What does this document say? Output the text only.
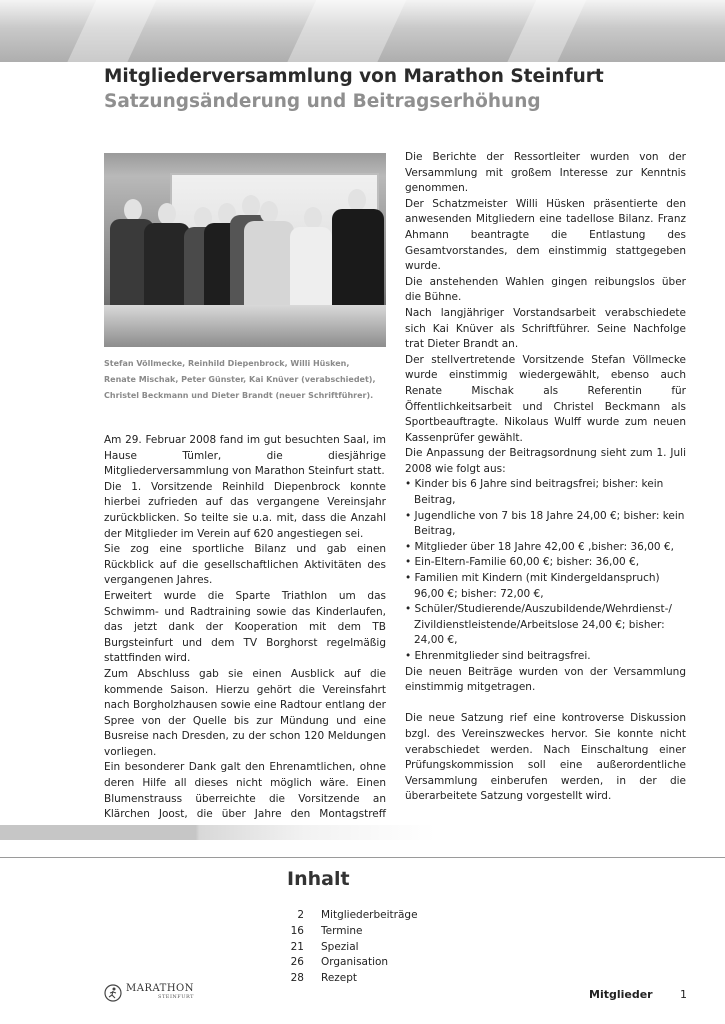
Mitgliederversammlung von Marathon Steinfurt
Satzungsänderung und Beitragserhöhung
Stefan Völlmecke, Reinhild Diepenbrock, Willi Hüsken,
Renate Mischak, Peter Günster, Kai Knüver (verabschiedet),
Christel Beckmann und Dieter Brandt (neuer Schriftführer).

Am 29. Februar 2008 fand im gut besuchten Saal, im Hause Tümler, die diesjährige Mitgliederversammlung von Marathon Steinfurt statt.

Die 1. Vorsitzende Reinhild Diepenbrock konnte hierbei zufrieden auf das vergangene Vereinsjahr zurückblicken. So teilte sie u.a. mit, dass die Anzahl der Mitglieder im Verein auf 620 angestiegen sei.

Sie zog eine sportliche Bilanz und gab einen Rückblick auf die gesellschaftlichen Aktivitäten des vergangenen Jahres.

Erweitert wurde die Sparte Triathlon um das Schwimm- und Radtraining sowie das Kinderlaufen, das jetzt dank der Kooperation mit dem TB Burgsteinfurt und dem TV Borghorst regelmäßig stattfinden wird.

Zum Abschluss gab sie einen Ausblick auf die kommende Saison. Hierzu gehört die Vereinsfahrt nach Borgholzhausen sowie eine Radtour entlang der Spree von der Quelle bis zur Mündung und eine Busreise nach Dresden, zu der schon 120 Meldungen vorliegen.

Ein besonderer Dank galt den Ehrenamtlichen, ohne deren Hilfe all dieses nicht möglich wäre. Einen Blumenstrauss überreichte die Vorsitzende an Klärchen Joost, die über Jahre den Montagstreff

Die Berichte der Ressortleiter wurden von der Versammlung mit großem Interesse zur Kenntnis genommen.

Der Schatzmeister Willi Hüsken präsentierte den anwesenden Mitgliedern eine tadellose Bilanz. Franz Ahmann beantragte die Entlastung des Gesamtvorstandes, dem einstimmig stattgegeben wurde.

Die anstehenden Wahlen gingen reibungslos über die Bühne.

Nach langjähriger Vorstandsarbeit verabschiedete sich Kai Knüver als Schriftführer. Seine Nachfolge trat Dieter Brandt an.

Der stellvertretende Vorsitzende Stefan Völlmecke wurde einstimmig wiedergewählt, ebenso auch Renate Mischak als Referentin für Öffentlichkeitsarbeit und Christel Beckmann als Sportbeauftragte. Nikolaus Wulff wurde zum neuen Kassenprüfer gewählt.

Die Anpassung der Beitragsordnung sieht zum 1. Juli 2008 wie folgt aus:

• Kinder bis 6 Jahre sind beitragsfrei; bisher: kein Beitrag,

• Jugendliche von 7 bis 18 Jahre 24,00 €; bisher: kein Beitrag,

• Mitglieder über 18 Jahre 42,00 € ,bisher: 36,00 €,

• Ein-Eltern-Familie 60,00 €; bisher: 36,00 €,

• Familien mit Kindern (mit Kindergeldanspruch) 96,00 €; bisher: 72,00 €,

• Schüler/Studierende/Auszubildende/Wehrdienst-/ Zivildienstleistende/Arbeitslose 24,00 €; bisher: 24,00 €,

• Ehrenmitglieder sind beitragsfrei.

Die neuen Beiträge wurden von der Versammlung einstimmig mitgetragen.

Die neue Satzung rief eine kontroverse Diskussion bzgl. des Vereinszweckes hervor. Sie konnte nicht verabschiedet werden. Nach Einschaltung einer Prüfungskommission soll eine außerordentliche Versammlung einberufen werden, in der die überarbeitete Satzung vorgestellt wird.

Inhalt
2 Mitgliederbeiträge
16 Termine
21 Spezial
26 Organisation
28 Rezept
MARATHON
STEINFURT	Mitglieder 1
